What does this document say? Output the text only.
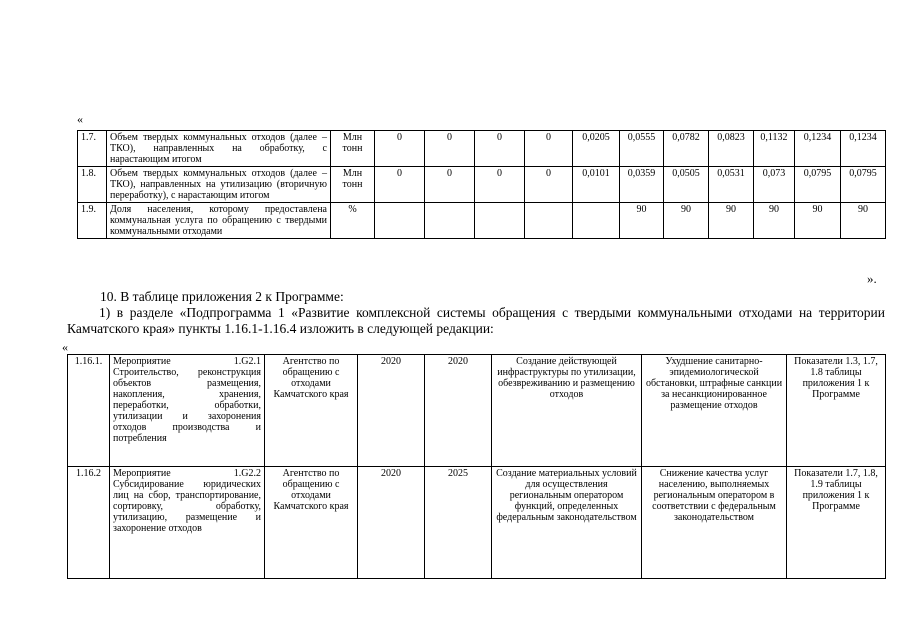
«
1.7.	Объем твердых коммунальных отходов (далее – ТКО), направленных на обработку, с нарастающим итогом	Млн тонн	0	0	0	0	0,0205	0,0555	0,0782	0,0823	0,1132	0,1234	0,1234
1.8.	Объем твердых коммунальных отходов (далее – ТКО), направленных на утилизацию (вторичную переработку), с нарастающим итогом	Млн тонн	0	0	0	0	0,0101	0,0359	0,0505	0,0531	0,073	0,0795	0,0795
1.9.	Доля населения, которому предоставлена коммунальная услуга по обращению с твердыми коммунальными отходами	%						90	90	90	90	90	90
».
10. В таблице приложения 2 к Программе:
1) в разделе «Подпрограмма 1 «Развитие комплексной системы обращения с твердыми коммунальными отходами на территории Камчатского края» пункты 1.16.1-1.16.4 изложить в следующей редакции:
«
1.16.1.	Мероприятие 1.G2.1 Строительство, реконструкция объектов размещения, накопления, хранения, переработки, обработки, утилизации и захоронения отходов производства и потребления	Агентство по обращению с отходами Камчатского края	2020	2020	Создание действующей инфраструктуры по утилизации, обезвреживанию и размещению отходов	Ухудшение санитарно-эпидемиологической обстановки, штрафные санкции за несанкционированное размещение отходов	Показатели 1.3, 1.7, 1.8 таблицы приложения 1 к Программе
1.16.2	Мероприятие 1.G2.2 Субсидирование юридических лиц на сбор, транспортирование, сортировку, обработку, утилизацию, размещение и захоронение отходов	Агентство по обращению с отходами Камчатского края	2020	2025	Создание материальных условий для осуществления региональным оператором функций, определенных федеральным законодательством	Снижение качества услуг населению, выполняемых региональным оператором в соответствии с федеральным законодательством	Показатели 1.7, 1.8, 1.9 таблицы приложения 1 к Программе
